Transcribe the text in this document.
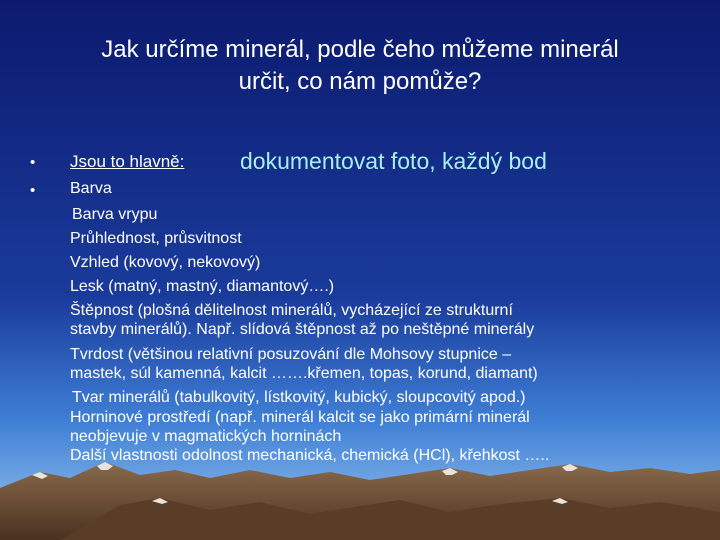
Jak určíme minerál, podle čeho můžeme minerál
určit, co nám pomůže?
• Jsou to hlavně: dokumentovat foto, každý bod
• Barva
Barva vrypu
Průhlednost, průsvitnost
Vzhled (kovový, nekovový)
Lesk (matný, mastný, diamantový….)
Štěpnost (plošná dělitelnost minerálů, vycházející ze strukturní
stavby minerálů). Např. slídová štěpnost až po neštěpné minerály
Tvrdost (většinou relativní posuzování dle Mohsovy stupnice –
mastek, súl kamenná, kalcit …….křemen, topas, korund, diamant)
Tvar minerálů (tabulkovitý, lístkovitý, kubický, sloupcovitý apod.)
Horninové prostředí (např. minerál kalcit se jako primární minerál
neobjevuje v magmatických horninách
Další vlastnosti odolnost mechanická, chemická (HCl), křehkost …..
